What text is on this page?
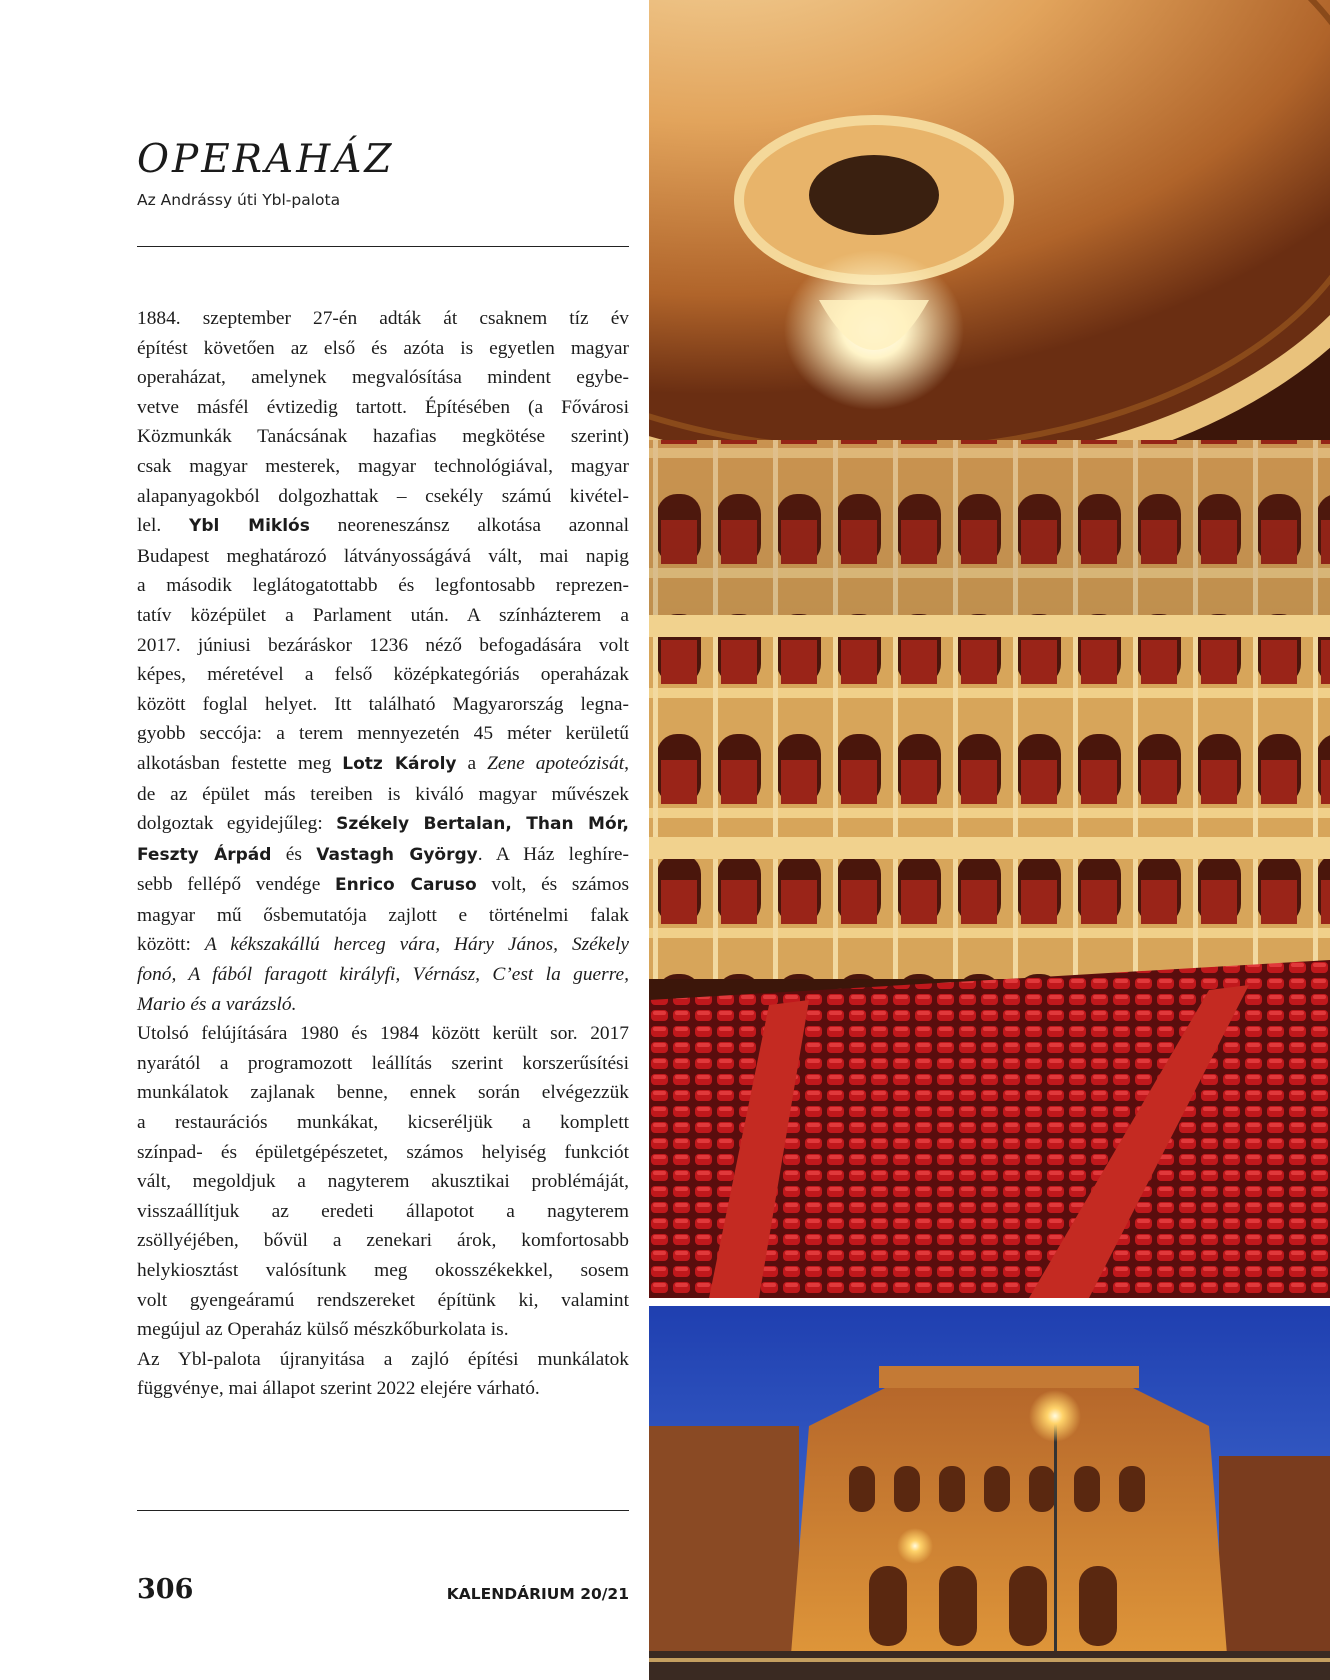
OPERAHÁZ
Az Andrássy úti Ybl-palota
1884. szeptember 27-én adták át csaknem tíz év
építést követően az első és azóta is egyetlen magyar
operaházat, amelynek megvalósítása mindent egybe-
vetve másfél évtizedig tartott. Építésében (a Fővárosi
Közmunkák Tanácsának hazafias megkötése szerint)
csak magyar mesterek, magyar technológiával, magyar
alapanyagokból dolgozhattak – csekély számú kivétel-
lel. Ybl Miklós neoreneszánsz alkotása azonnal
Budapest meghatározó látványosságává vált, mai napig
a második leglátogatottabb és legfontosabb reprezen-
tatív középület a Parlament után. A színházterem a
2017. júniusi bezáráskor 1236 néző befogadására volt
képes, méretével a felső középkategóriás operaházak
között foglal helyet. Itt található Magyarország legna-
gyobb seccója: a terem mennyezetén 45 méter kerületű
alkotásban festette meg Lotz Károly a Zene apoteózisát,
de az épület más tereiben is kiváló magyar művészek
dolgoztak egyidejűleg: Székely Bertalan, Than Mór,
Feszty Árpád és Vastagh György. A Ház leghíre-
sebb fellépő vendége Enrico Caruso volt, és számos
magyar mű ősbemutatója zajlott e történelmi falak
között: A kékszakállú herceg vára, Háry János, Székely
fonó, A fából faragott királyfi, Vérnász, C’est la guerre,
Mario és a varázsló.
Utolsó felújítására 1980 és 1984 között került sor. 2017
nyarától a programozott leállítás szerint korszerűsítési
munkálatok zajlanak benne, ennek során elvégezzük
a restaurációs munkákat, kicseréljük a komplett
színpad- és épületgépészetet, számos helyiség funkciót
vált, megoldjuk a nagyterem akusztikai problémáját,
visszaállítjuk az eredeti állapotot a nagyterem
zsöllyéjében, bővül a zenekari árok, komfortosabb
helykiosztást valósítunk meg okosszékekkel, sosem
volt gyengeáramú rendszereket építünk ki, valamint
megújul az Operaház külső mészkőburkolata is.
Az Ybl-palota újranyitása a zajló építési munkálatok
függvénye, mai állapot szerint 2022 elejére várható.
306	KALENDÁRIUM 20/21
